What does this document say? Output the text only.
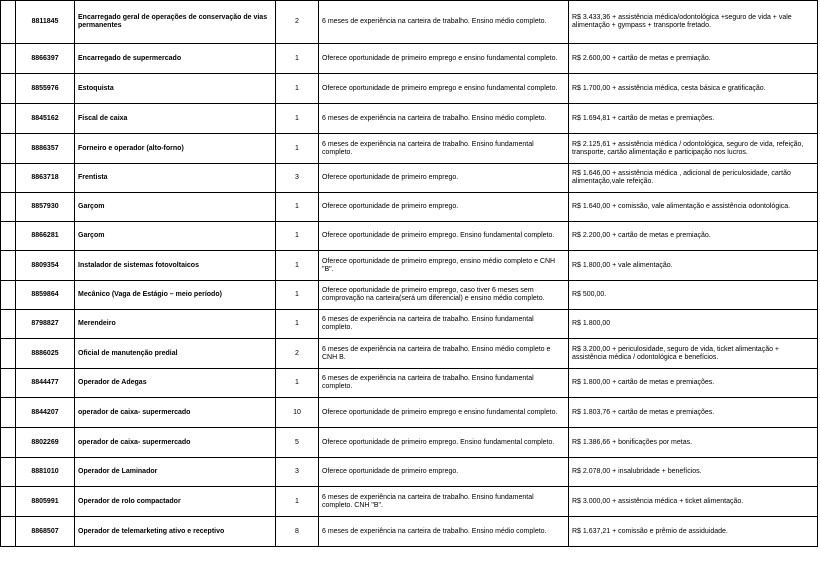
	8811845	Encarregado geral de operações de conservação de vias permanentes	2	6 meses de experiência na carteira de trabalho. Ensino médio completo.	R$ 3.433,36 + assistência médica/odontológica +seguro de vida + vale alimentação + gympass + transporte fretado.

	8866397	Encarregado de supermercado	1	Oferece oportunidade de primeiro emprego e ensino fundamental completo.	R$ 2.600,00 + cartão de metas e premiação.

	8855976	Estoquista	1	Oferece oportunidade de primeiro emprego e ensino fundamental completo.	R$ 1.700,00 + assistência médica, cesta básica e gratificação.

	8845162	Fiscal de caixa	1	6 meses de experiência na carteira de trabalho. Ensino médio completo.	R$ 1.694,81 + cartão de metas e premiações.

	8886357	Forneiro e operador (alto-forno)	1	6 meses de experiência na carteira de trabalho. Ensino fundamental completo.	R$ 2.125,61 + assistência médica / odontológica, seguro de vida, refeição, transporte, cartão alimentação e participação nos lucros.

	8863718	Frentista	3	Oferece oportunidade de primeiro emprego.	R$ 1.646,00 + assistência médica , adicional de periculosidade, cartão alimentação,vale refeição.

	8857930	Garçom	1	Oferece oportunidade de primeiro emprego.	R$ 1.640,00 + comissão, vale alimentação e assistência odontológica.

	8866281	Garçom	1	Oferece oportunidade de primeiro emprego. Ensino fundamental completo.	R$ 2.200,00 + cartão de metas e premiação.

	8809354	Instalador de sistemas fotovoltaicos	1	Oferece oportunidade de primeiro emprego, ensino médio completo e CNH "B".	R$ 1.800,00 + vale alimentação.

	8859864	Mecânico (Vaga de Estágio – meio período)	1	Oferece oportunidade de primeiro emprego, caso tiver 6 meses sem comprovação na carteira(será um diferencial) e ensino médio completo.	R$ 500,00.

	8798827	Merendeiro	1	6 meses de experiência na carteira de trabalho. Ensino fundamental completo.	R$ 1.800,00

	8886025	Oficial de manutenção predial	2	6 meses de experiência na carteira de trabalho. Ensino médio completo e CNH B.	R$ 3.200,00 + periculosidade, seguro de vida, ticket alimentação + assistência médica / odontológica e benefícios.

	8844477	Operador de Adegas	1	6 meses de experiência na carteira de trabalho. Ensino fundamental completo.	R$ 1.800,00 + cartão de metas e premiações.

	8844207	operador de caixa- supermercado	10	Oferece oportunidade de primeiro emprego e ensino fundamental completo.	R$ 1.803,76 + cartão de metas e premiações.

	8802269	operador de caixa- supermercado	5	Oferece oportunidade de primeiro emprego. Ensino fundamental completo.	R$ 1.386,66 + bonificações por metas.

	8881010	Operador de Laminador	3	Oferece oportunidade de primeiro emprego.	R$ 2.078,00 + insalubridade + benefícios.

	8805991	Operador de rolo compactador	1	6 meses de experiência na carteira de trabalho. Ensino fundamental completo. CNH "B".	R$ 3.000,00 + assistência médica + ticket alimentação.

	8868507	Operador de telemarketing ativo e receptivo	8	6 meses de experiência na carteira de trabalho. Ensino médio completo.	R$ 1.637,21 + comissão e prêmio de assiduidade.
